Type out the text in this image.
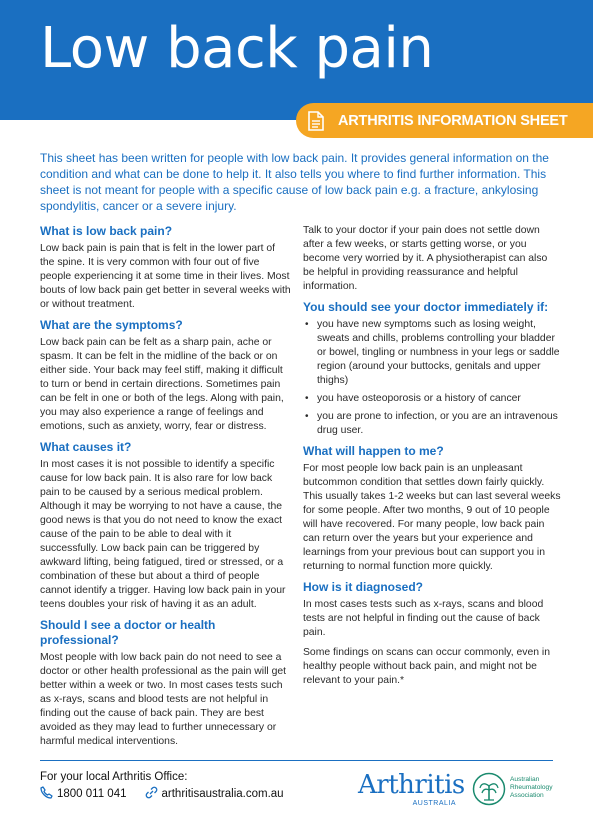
Low back pain
ARTHRITIS INFORMATION SHEET

This sheet has been written for people with low back pain. It provides general information on the condition and what can be done to help it. It also tells you where to find further information. This sheet is not meant for people with a specific cause of low back pain e.g. a fracture, ankylosing spondylitis, cancer or a severe injury.

What is low back pain?

Low back pain is pain that is felt in the lower part of the spine. It is very common with four out of five people experiencing it at some time in their lives. Most bouts of low back pain get better in several weeks with or without treatment.

What are the symptoms?

Low back pain can be felt as a sharp pain, ache or spasm. It can be felt in the midline of the back or on either side. Your back may feel stiff, making it difficult to turn or bend in certain directions. Sometimes pain can be felt in one or both of the legs. Along with pain, you may also experience a range of feelings and emotions, such as anxiety, worry, fear or distress.

What causes it?

In most cases it is not possible to identify a specific cause for low back pain. It is also rare for low back pain to be caused by a serious medical problem. Although it may be worrying to not have a cause, the good news is that you do not need to know the exact cause of the pain to be able to deal with it successfully. Low back pain can be triggered by awkward lifting, being fatigued, tired or stressed, or a combination of these but about a third of people cannot identify a trigger. Having low back pain in your teens doubles your risk of having it as an adult.

Should I see a doctor or health professional?

Most people with low back pain do not need to see a doctor or other health professional as the pain will get better within a week or two. In most cases tests such as x-rays, scans and blood tests are not helpful in finding out the cause of back pain. They are best avoided as they may lead to further unnecessary or harmful medical interventions.

Talk to your doctor if your pain does not settle down after a few weeks, or starts getting worse, or you become very worried by it. A physiotherapist can also be helpful in providing reassurance and helpful information.

You should see your doctor immediately if:
• you have new symptoms such as losing weight, sweats and chills, problems controlling your bladder or bowel, tingling or numbness in your legs or saddle region (around your buttocks, genitals and upper thighs)
• you have osteoporosis or a history of cancer
• you are prone to infection, or you are an intravenous drug user.
What will happen to me?

For most people low back pain is an unpleasant butcommon condition that settles down fairly quickly. This usually takes 1-2 weeks but can last several weeks for some people. After two months, 9 out of 10 people will have recovered. For many people, low back pain can return over the years but your experience and learnings from your previous bout can support you in returning to normal function more quickly.

How is it diagnosed?

In most cases tests such as x-rays, scans and blood tests are not helpful in finding out the cause of back pain.

Some findings on scans can occur commonly, even in healthy people without back pain, and might not be relevant to your pain.*

For your local Arthritis Office:
1800 011 041	arthritisaustralia.com.au	Arthritis
AUSTRALIA
Australian
Rheumatology
Association
